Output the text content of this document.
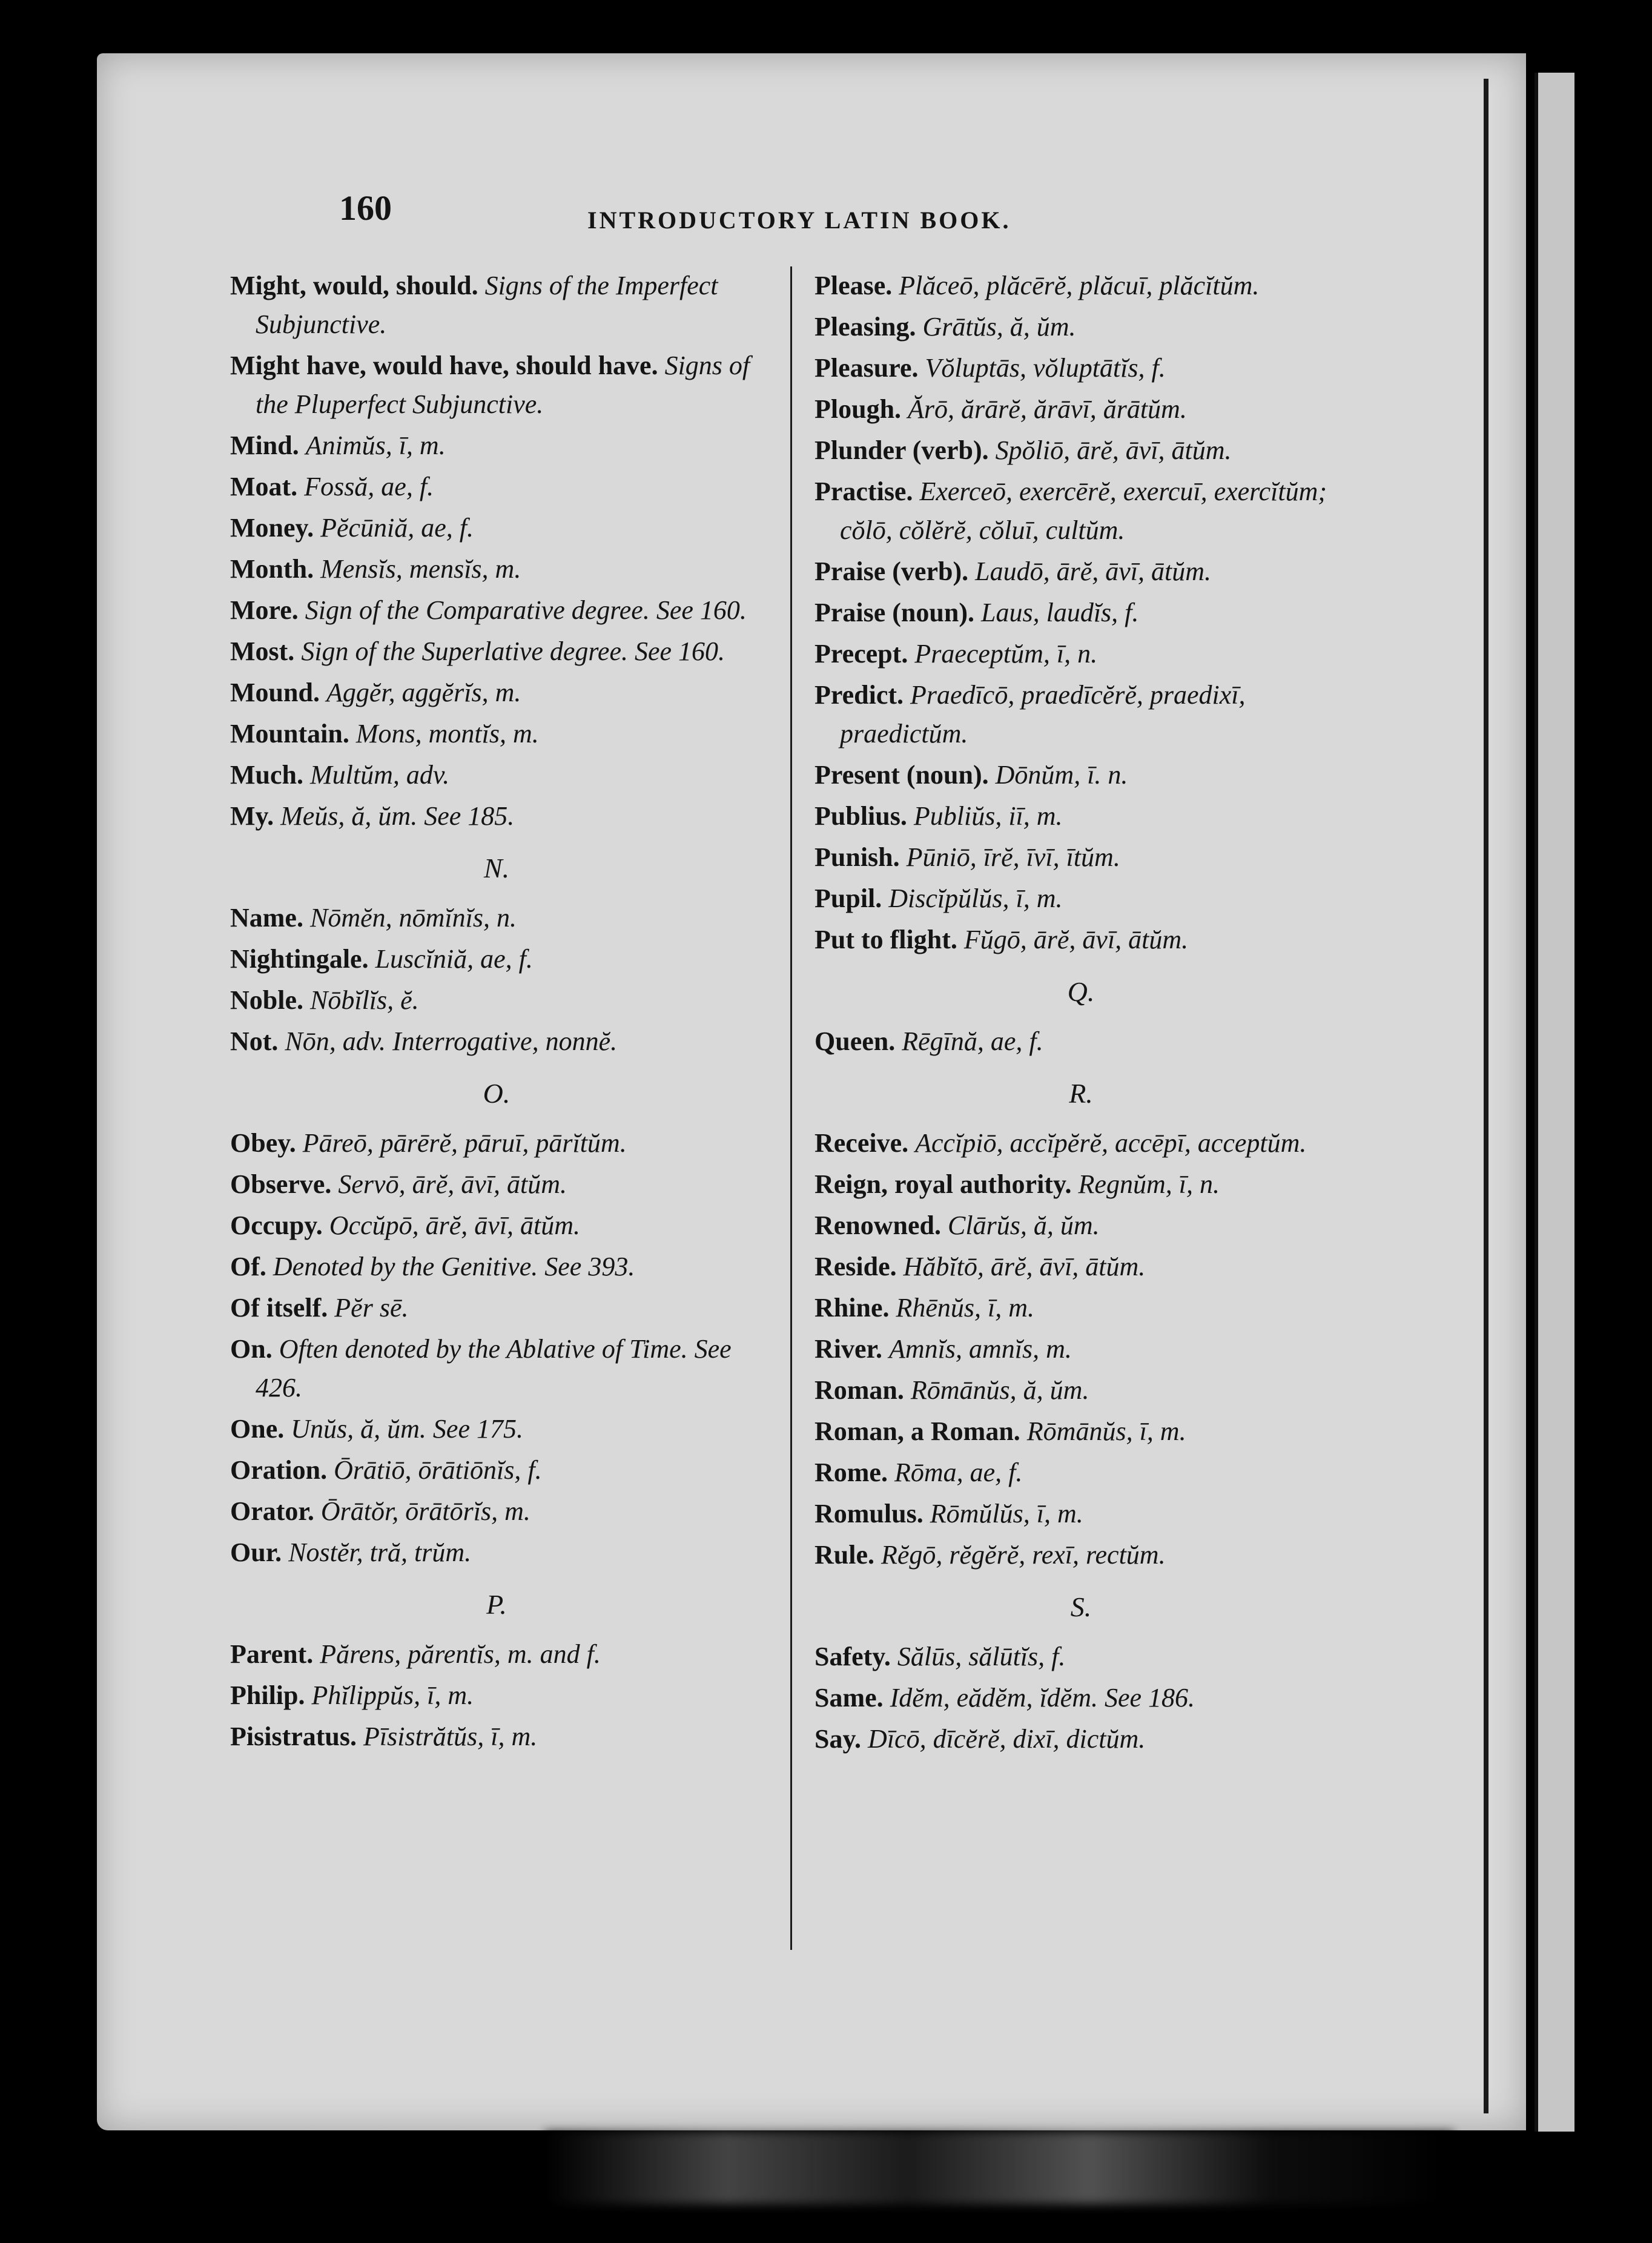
160	INTRODUCTORY LATIN BOOK.
Might, would, should. Signs of the Imperfect Subjunctive.
Might have, would have, should have. Signs of the Pluperfect Subjunctive.
Mind. Animŭs, ī, m.
Moat. Fossă, ae, f.
Money. Pĕcūniă, ae, f.
Month. Mensĭs, mensĭs, m.
More. Sign of the Comparative degree. See 160.
Most. Sign of the Superlative degree. See 160.
Mound. Aggĕr, aggĕrĭs, m.
Mountain. Mons, montĭs, m.
Much. Multŭm, adv.
My. Meŭs, ă, ŭm. See 185.
N.
Name. Nōmĕn, nōmĭnĭs, n.
Nightingale. Luscĭniă, ae, f.
Noble. Nōbĭlĭs, ĕ.
Not. Nōn, adv. Interrogative, nonnĕ.
O.
Obey. Pāreō, pārērĕ, pāruī, pārĭtŭm.
Observe. Servō, ārĕ, āvī, ātŭm.
Occupy. Occŭpō, ārĕ, āvī, ātŭm.
Of. Denoted by the Genitive. See 393.
Of itself. Pĕr sē.
On. Often denoted by the Ablative of Time. See 426.
One. Unŭs, ă, ŭm. See 175.
Oration. Ōrātiō, ōrātiōnĭs, f.
Orator. Ōrātŏr, ōrātōrĭs, m.
Our. Nostĕr, tră, trŭm.
P.
Parent. Părens, părentĭs, m. and f.
Philip. Phĭlippŭs, ī, m.
Pisistratus. Pīsistrătŭs, ī, m.
Please. Plăceō, plăcērĕ, plăcuī, plăcĭtŭm.
Pleasing. Grātŭs, ă, ŭm.
Pleasure. Vŏluptās, vŏluptātĭs, f.
Plough. Ărō, ărārĕ, ărāvī, ărātŭm.
Plunder (verb). Spŏliō, ārĕ, āvī, ātŭm.
Practise. Exerceō, exercērĕ, exercuī, exercĭtŭm; cŏlō, cŏlĕrĕ, cŏluī, cultŭm.
Praise (verb). Laudō, ārĕ, āvī, ātŭm.
Praise (noun). Laus, laudĭs, f.
Precept. Praeceptŭm, ī, n.
Predict. Praedīcō, praedīcĕrĕ, praedixī, praedictŭm.
Present (noun). Dōnŭm, ī. n.
Publius. Publiŭs, iī, m.
Punish. Pūniō, īrĕ, īvī, ītŭm.
Pupil. Discĭpŭlŭs, ī, m.
Put to flight. Fŭgō, ārĕ, āvī, ātŭm.
Q.
Queen. Rēgīnă, ae, f.
R.
Receive. Accĭpiō, accĭpĕrĕ, accēpī, acceptŭm.
Reign, royal authority. Regnŭm, ī, n.
Renowned. Clārŭs, ă, ŭm.
Reside. Hăbĭtō, ārĕ, āvī, ātŭm.
Rhine. Rhēnŭs, ī, m.
River. Amnĭs, amnĭs, m.
Roman. Rōmānŭs, ă, ŭm.
Roman, a Roman. Rōmānŭs, ī, m.
Rome. Rōma, ae, f.
Romulus. Rōmŭlŭs, ī, m.
Rule. Rĕgō, rĕgĕrĕ, rexī, rectŭm.
S.
Safety. Sălūs, sălūtĭs, f.
Same. Idĕm, eădĕm, ĭdĕm. See 186.
Say. Dīcō, dīcĕrĕ, dixī, dictŭm.
